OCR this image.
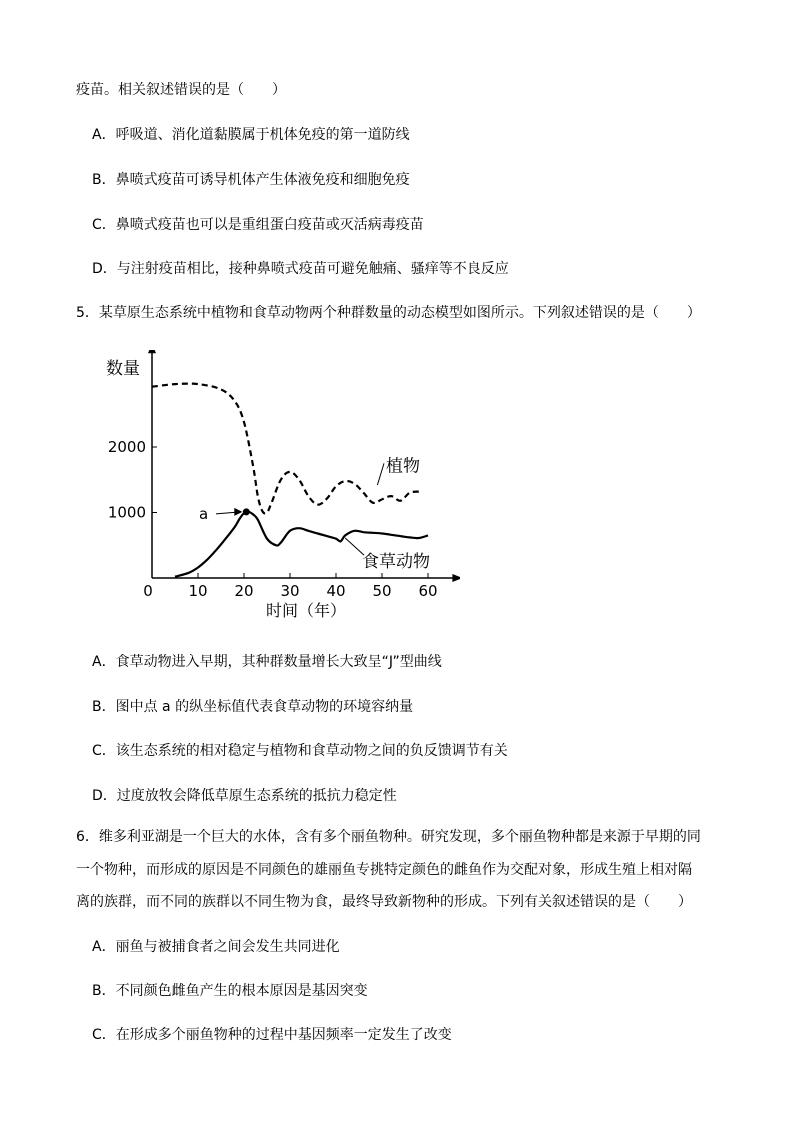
疫苗。相关叙述错误的是（　　）
A．呼吸道、消化道黏膜属于机体免疫的第一道防线
B．鼻喷式疫苗可诱导机体产生体液免疫和细胞免疫
C．鼻喷式疫苗也可以是重组蛋白疫苗或灭活病毒疫苗
D．与注射疫苗相比，接种鼻喷式疫苗可避免触痛、骚痒等不良反应
5．某草原生态系统中植物和食草动物两个种群数量的动态模型如图所示。下列叙述错误的是（　　）
0 10 20 30 40 50 60
1000
2000
数量
时间（年）
植物
食草动物
a
A．食草动物进入早期，其种群数量增长大致呈“J”型曲线
B．图中点 a 的纵坐标值代表食草动物的环境容纳量
C．该生态系统的相对稳定与植物和食草动物之间的负反馈调节有关
D．过度放牧会降低草原生态系统的抵抗力稳定性
6．维多利亚湖是一个巨大的水体，含有多个丽鱼物种。研究发现，多个丽鱼物种都是来源于早期的同
一个物种，而形成的原因是不同颜色的雄丽鱼专挑特定颜色的雌鱼作为交配对象，形成生殖上相对隔
离的族群，而不同的族群以不同生物为食，最终导致新物种的形成。下列有关叙述错误的是（　　）
A．丽鱼与被捕食者之间会发生共同进化
B．不同颜色雌鱼产生的根本原因是基因突变
C．在形成多个丽鱼物种的过程中基因频率一定发生了改变
